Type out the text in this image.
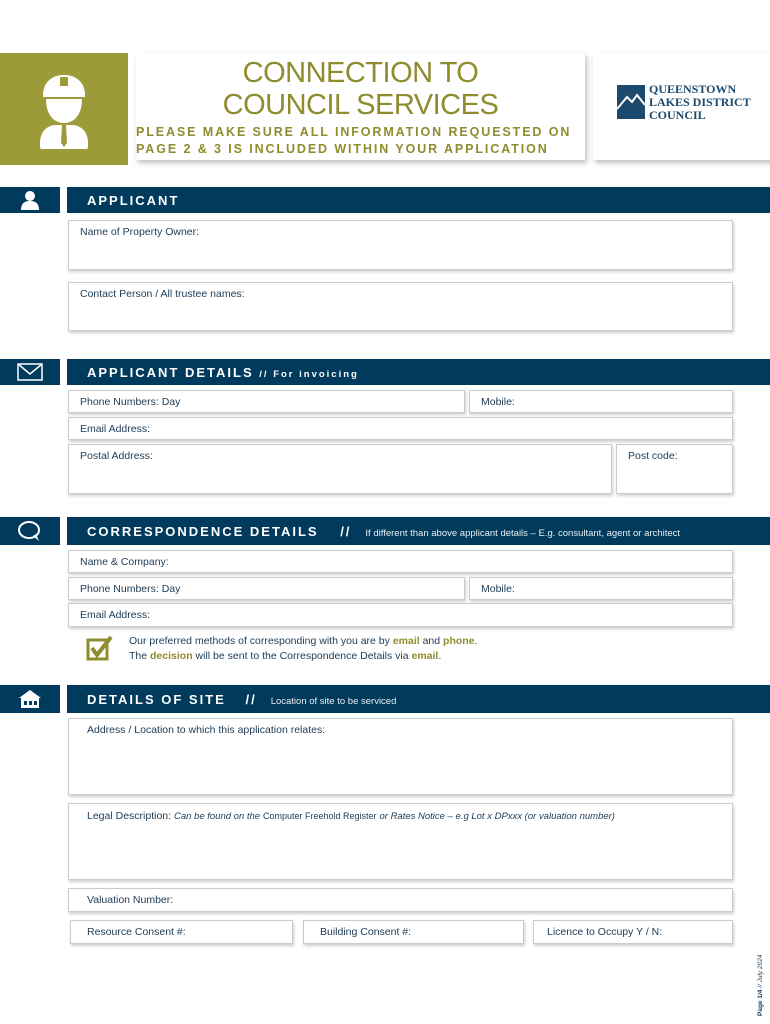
CONNECTION TO
COUNCIL SERVICES
PLEASE MAKE SURE ALL INFORMATION REQUESTED ON
PAGE 2 & 3 IS INCLUDED WITHIN YOUR APPLICATION
QUEENSTOWN
LAKES DISTRICT
COUNCIL
APPLICANT
Name of Property Owner:
Contact Person / All trustee names:
APPLICANT DETAILS // For invoicing
Phone Numbers: Day	Mobile:
Email Address:
Postal Address:	Post code:
CORRESPONDENCE DETAILS // If different than above applicant details – E.g. consultant, agent or architect
Name & Company:
Phone Numbers: Day	Mobile:
Email Address:
Our preferred methods of corresponding with you are by email and phone.
The decision will be sent to the Correspondence Details via email.
DETAILS OF SITE // Location of site to be serviced
Address / Location to which this application relates:
Legal Description: Can be found on the Computer Freehold Register or Rates Notice – e.g Lot x DPxxx (or valuation number)
Valuation Number:
Resource Consent #:	Building Consent #:	Licence to Occupy Y / N:
Page 1/4 // July 2024
